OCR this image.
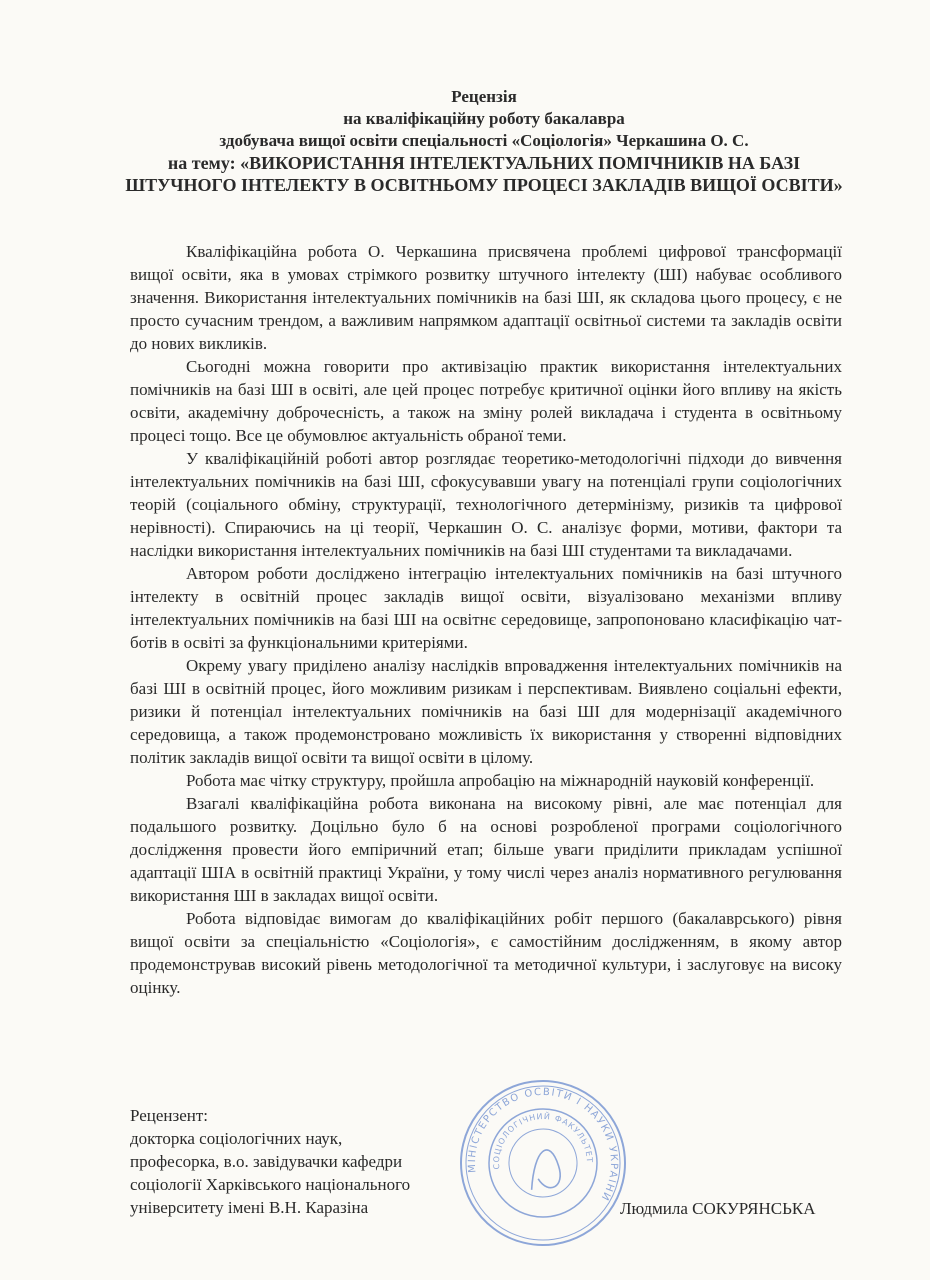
Рецензія
на кваліфікаційну роботу бакалавра
здобувача вищої освіти спеціальності «Соціологія» Черкашина О. С.
на тему: «ВИКОРИСТАННЯ ІНТЕЛЕКТУАЛЬНИХ ПОМІЧНИКІВ НА БАЗІ ШТУЧНОГО ІНТЕЛЕКТУ В ОСВІТНЬОМУ ПРОЦЕСІ ЗАКЛАДІВ ВИЩОЇ ОСВІТИ»

Кваліфікаційна робота О. Черкашина присвячена проблемі цифрової трансформації вищої освіти, яка в умовах стрімкого розвитку штучного інтелекту (ШІ) набуває особливого значення. Використання інтелектуальних помічників на базі ШІ, як складова цього процесу, є не просто сучасним трендом, а важливим напрямком адаптації освітньої системи та закладів освіти до нових викликів.

Сьогодні можна говорити про активізацію практик використання інтелектуальних помічників на базі ШІ в освіті, але цей процес потребує критичної оцінки його впливу на якість освіти, академічну доброчесність, а також на зміну ролей викладача і студента в освітньому процесі тощо. Все це обумовлює актуальність обраної теми.

У кваліфікаційній роботі автор розглядає теоретико-методологічні підходи до вивчення інтелектуальних помічників на базі ШІ, сфокусувавши увагу на потенціалі групи соціологічних теорій (соціального обміну, структурації, технологічного детермінізму, ризиків та цифрової нерівності). Спираючись на ці теорії, Черкашин О. С. аналізує форми, мотиви, фактори та наслідки використання інтелектуальних помічників на базі ШІ студентами та викладачами.

Автором роботи досліджено інтеграцію інтелектуальних помічників на базі штучного інтелекту в освітній процес закладів вищої освіти, візуалізовано механізми впливу інтелектуальних помічників на базі ШІ на освітнє середовище, запропоновано класифікацію чат-ботів в освіті за функціональними критеріями.

Окрему увагу приділено аналізу наслідків впровадження інтелектуальних помічників на базі ШІ в освітній процес, його можливим ризикам і перспективам. Виявлено соціальні ефекти, ризики й потенціал інтелектуальних помічників на базі ШІ для модернізації академічного середовища, а також продемонстровано можливість їх використання у створенні відповідних політик закладів вищої освіти та вищої освіти в цілому.

Робота має чітку структуру, пройшла апробацію на міжнародній науковій конференції.

Взагалі кваліфікаційна робота виконана на високому рівні, але має потенціал для подальшого розвитку. Доцільно було б на основі розробленої програми соціологічного дослідження провести його емпіричний етап; більше уваги приділити прикладам успішної адаптації ШІА в освітній практиці України, у тому числі через аналіз нормативного регулювання використання ШІ в закладах вищої освіти.

Робота відповідає вимогам до кваліфікаційних робіт першого (бакалаврського) рівня вищої освіти за спеціальністю «Соціологія», є самостійним дослідженням, в якому автор продемонстрував високий рівень методологічної та методичної культури, і заслуговує на високу оцінку.

Рецензент:
докторка соціологічних наук,
професорка, в.о. завідувачки кафедри
соціології Харківського національного
університету імені В.Н. Каразіна
МІНІСТЕРСТВО ОСВІТИ І НАУКИ УКРАЇНИ
СОЦІОЛОГІЧНИЙ ФАКУЛЬТЕТ
Людмила СОКУРЯНСЬКА
